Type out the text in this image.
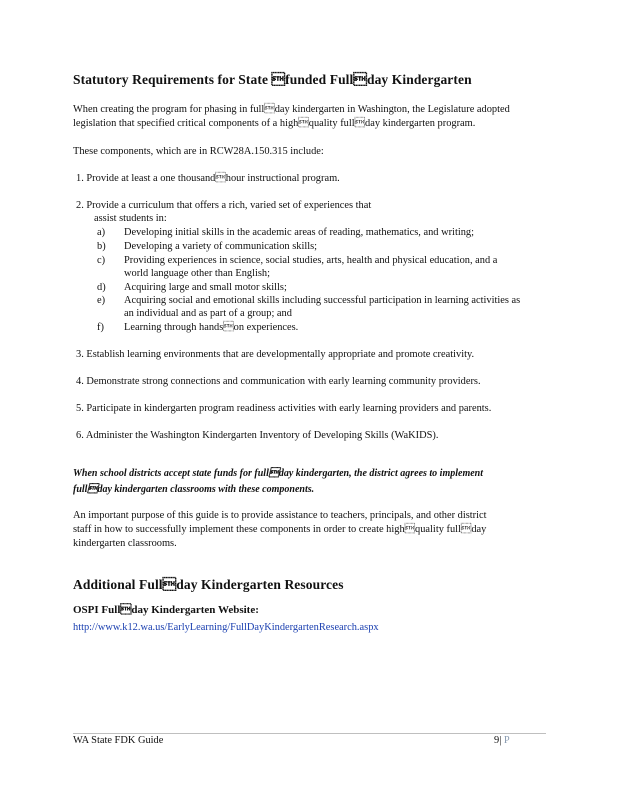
Statutory Requirements for State funded Fullday Kindergarten
When creating the program for phasing in fullday kindergarten in Washington, the Legislature adopted
legislation that specified critical components of a highquality fullday kindergarten program.
These components, which are in RCW28A.150.315 include:
1. Provide at least a one thousandhour instructional program.
2. Provide a curriculum that offers a rich, varied set of experiences that
assist students in:
a) Developing initial skills in the academic areas of reading, mathematics, and writing;
b) Developing a variety of communication skills;
c) Providing experiences in science, social studies, arts, health and physical education, and a
world language other than English;
d) Acquiring large and small motor skills;
e) Acquiring social and emotional skills including successful participation in learning activities as
an individual and as part of a group; and
f) Learning through handson experiences.
3. Establish learning environments that are developmentally appropriate and promote creativity.
4. Demonstrate strong connections and communication with early learning community providers.
5. Participate in kindergarten program readiness activities with early learning providers and parents.
6. Administer the Washington Kindergarten Inventory of Developing Skills (WaKIDS).
When school districts accept state funds for fullday kindergarten, the district agrees to implement
fullday kindergarten classrooms with these components.
An important purpose of this guide is to provide assistance to teachers, principals, and other district
staff in how to successfully implement these components in order to create highquality fullday
kindergarten classrooms.
Additional Fullday Kindergarten Resources
OSPI Fullday Kindergarten Website:
http://www.k12.wa.us/EarlyLearning/FullDayKindergartenResearch.aspx
WA State FDK Guide	9| P
